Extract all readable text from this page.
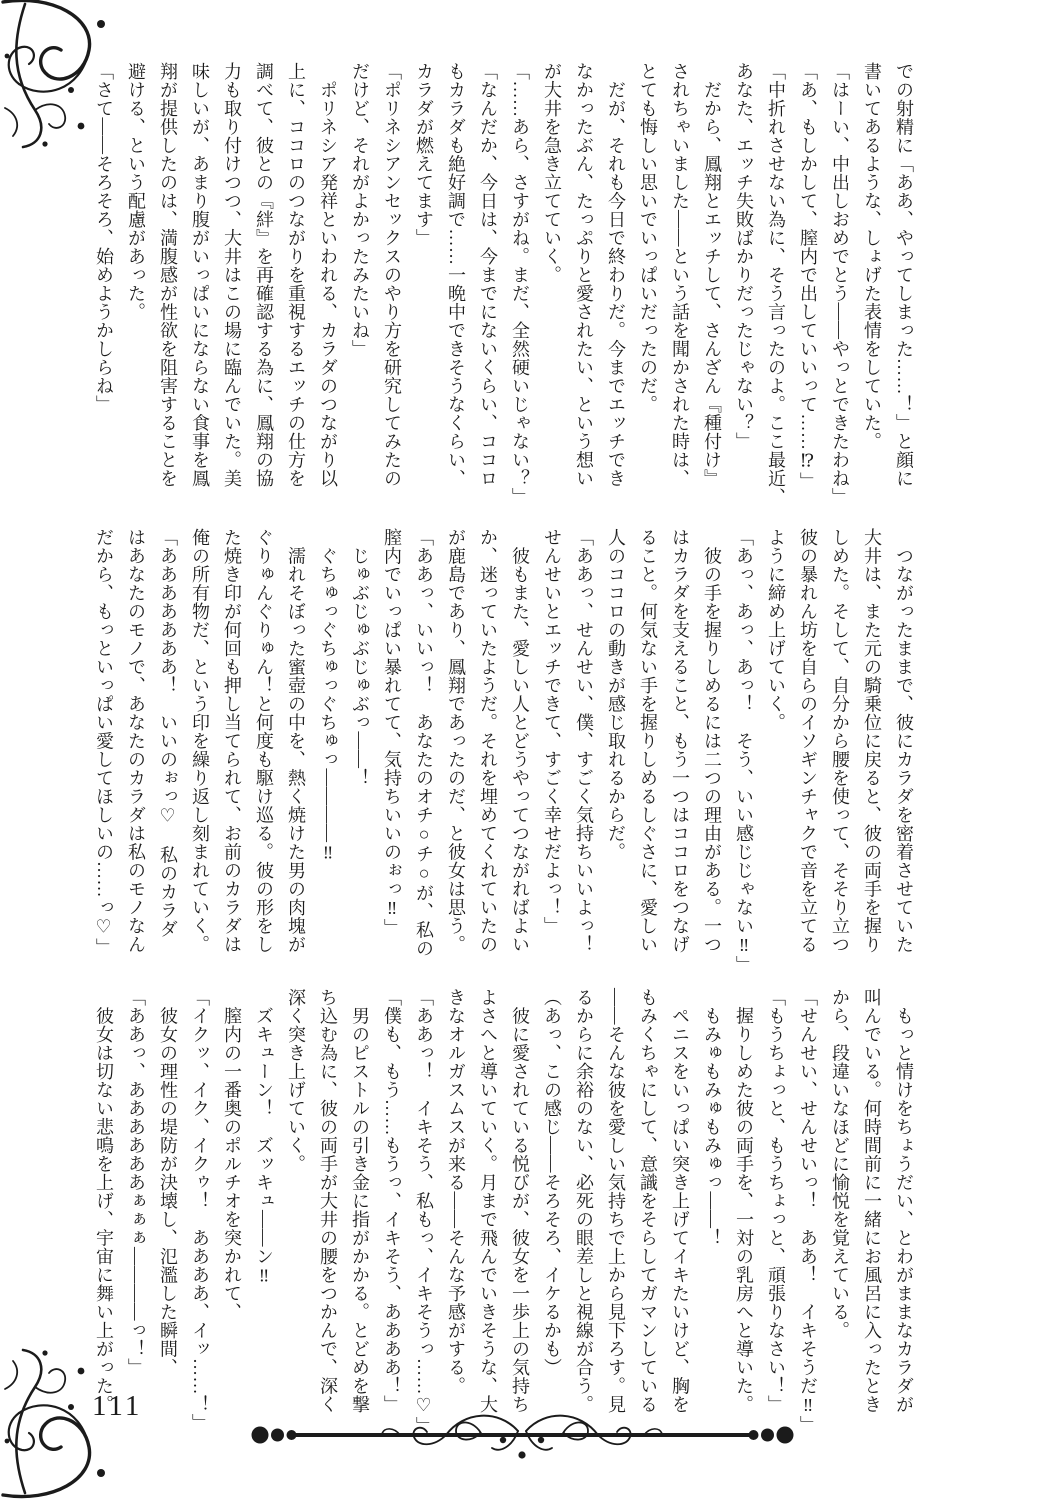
での射精に「ああ、やってしまった……！」と顔に

書いてあるような、しょげた表情をしていた。

「はーい、中出しおめでとう——やっとできたわね」

「あ、もしかして、膣内で出していいって……⁉」

「中折れさせない為に、そう言ったのよ。ここ最近、

あなた、エッチ失敗ばかりだったじゃない？」

　だから、鳳翔とエッチして、さんざん『種付け』

されちゃいました——という話を聞かされた時は、

とても悔しい思いでいっぱいだったのだ。

　だが、それも今日で終わりだ。今までエッチでき

なかったぶん、たっぷりと愛されたい、という想い

が大井を急き立てていく。

「……あら、さすがね。まだ、全然硬いじゃない？」

「なんだか、今日は、今までにないくらい、ココロ

もカラダも絶好調で……一晩中できそうなくらい、

カラダが燃えてます」

「ポリネシアンセックスのやり方を研究してみたの

だけど、それがよかったみたいね」

　ポリネシア発祥といわれる、カラダのつながり以

上に、ココロのつながりを重視するエッチの仕方を

調べて、彼との『絆』を再確認する為に、鳳翔の協

力も取り付けつつ、大井はこの場に臨んでいた。美

味しいが、あまり腹がいっぱいにならない食事を鳳

翔が提供したのは、満腹感が性欲を阻害することを

避ける、という配慮があった。

「さて——そろそろ、始めようかしらね」

　つながったままで、彼にカラダを密着させていた

大井は、また元の騎乗位に戻ると、彼の両手を握り

しめた。そして、自分から腰を使って、そそり立つ

彼の暴れん坊を自らのイソギンチャクで音を立てる

ように締め上げていく。

「あっ、あっ、あっ！　そう、いい感じじゃない‼」

　彼の手を握りしめるには二つの理由がある。一つ

はカラダを支えること、もう一つはココロをつなげ

ること。何気ない手を握りしめるしぐさに、愛しい

人のココロの動きが感じ取れるからだ。

「ああっ、せんせい、僕、すごく気持ちいいよっ！

せんせいとエッチできて、すごく幸せだよっ！」

　彼もまた、愛しい人とどうやってつながればよい

か、迷っていたようだ。それを埋めてくれていたの

が鹿島であり、鳳翔であったのだ、と彼女は思う。

「ああっ、いいっ！　あなたのオチ○チ○が、私の

膣内でいっぱい暴れてて、気持ちいいのぉっ‼」

　じゅぶじゅぶじゅぶっ——！

　ぐちゅっぐちゅっぐちゅっ————‼

　濡れそぼった蜜壺の中を、熱く焼けた男の肉塊が

ぐりゅんぐりゅん！と何度も駆け巡る。彼の形をし

た焼き印が何回も押し当てられて、お前のカラダは

俺の所有物だ、という印を繰り返し刻まれていく。

「あああああああ！　いいのぉっ♡　私のカラダ

はあなたのモノで、あなたのカラダは私のモノなん

だから、もっといっぱい愛してほしいの……っ♡」

　もっと情けをちょうだい、とわがままなカラダが

叫んでいる。何時間前に一緒にお風呂に入ったとき

から、段違いなほどに愉悦を覚えている。

「せんせい、せんせいっ！　ああ！　イキそうだ‼」

「もうちょっと、もうちょっと、頑張りなさい！」

　握りしめた彼の両手を、一対の乳房へと導いた。

　もみゅもみゅもみゅっ——！

　ペニスをいっぱい突き上げてイキたいけど、胸を

もみくちゃにして、意識をそらしてガマンしている

——そんな彼を愛しい気持ちで上から見下ろす。見

るからに余裕のない、必死の眼差しと視線が合う。

（あっ、この感じ——そろそろ、イケるかも）

　彼に愛されている悦びが、彼女を一歩上の気持ち

よさへと導いていく。月まで飛んでいきそうな、大

きなオルガスムスが来る——そんな予感がする。

「ああっ！　イキそう、私もっ、イキそうっ……♡」

「僕も、もう……もうっ、イキそう、ああああ！」

　男のピストルの引き金に指がかかる。とどめを撃

ち込む為に、彼の両手が大井の腰をつかんで、深く

深く突き上げていく。

　ズキューン！　ズッキュ——ン‼

　膣内の一番奥のポルチオを突かれて、

「イクッ、イク、イクゥ！　ああああ、イッ……！」

　彼女の理性の堤防が決壊し、氾濫した瞬間、

「ああっ、ああああああぁぁぁ————っ！」

　彼女は切ない悲鳴を上げ、宇宙に舞い上がった。

111
